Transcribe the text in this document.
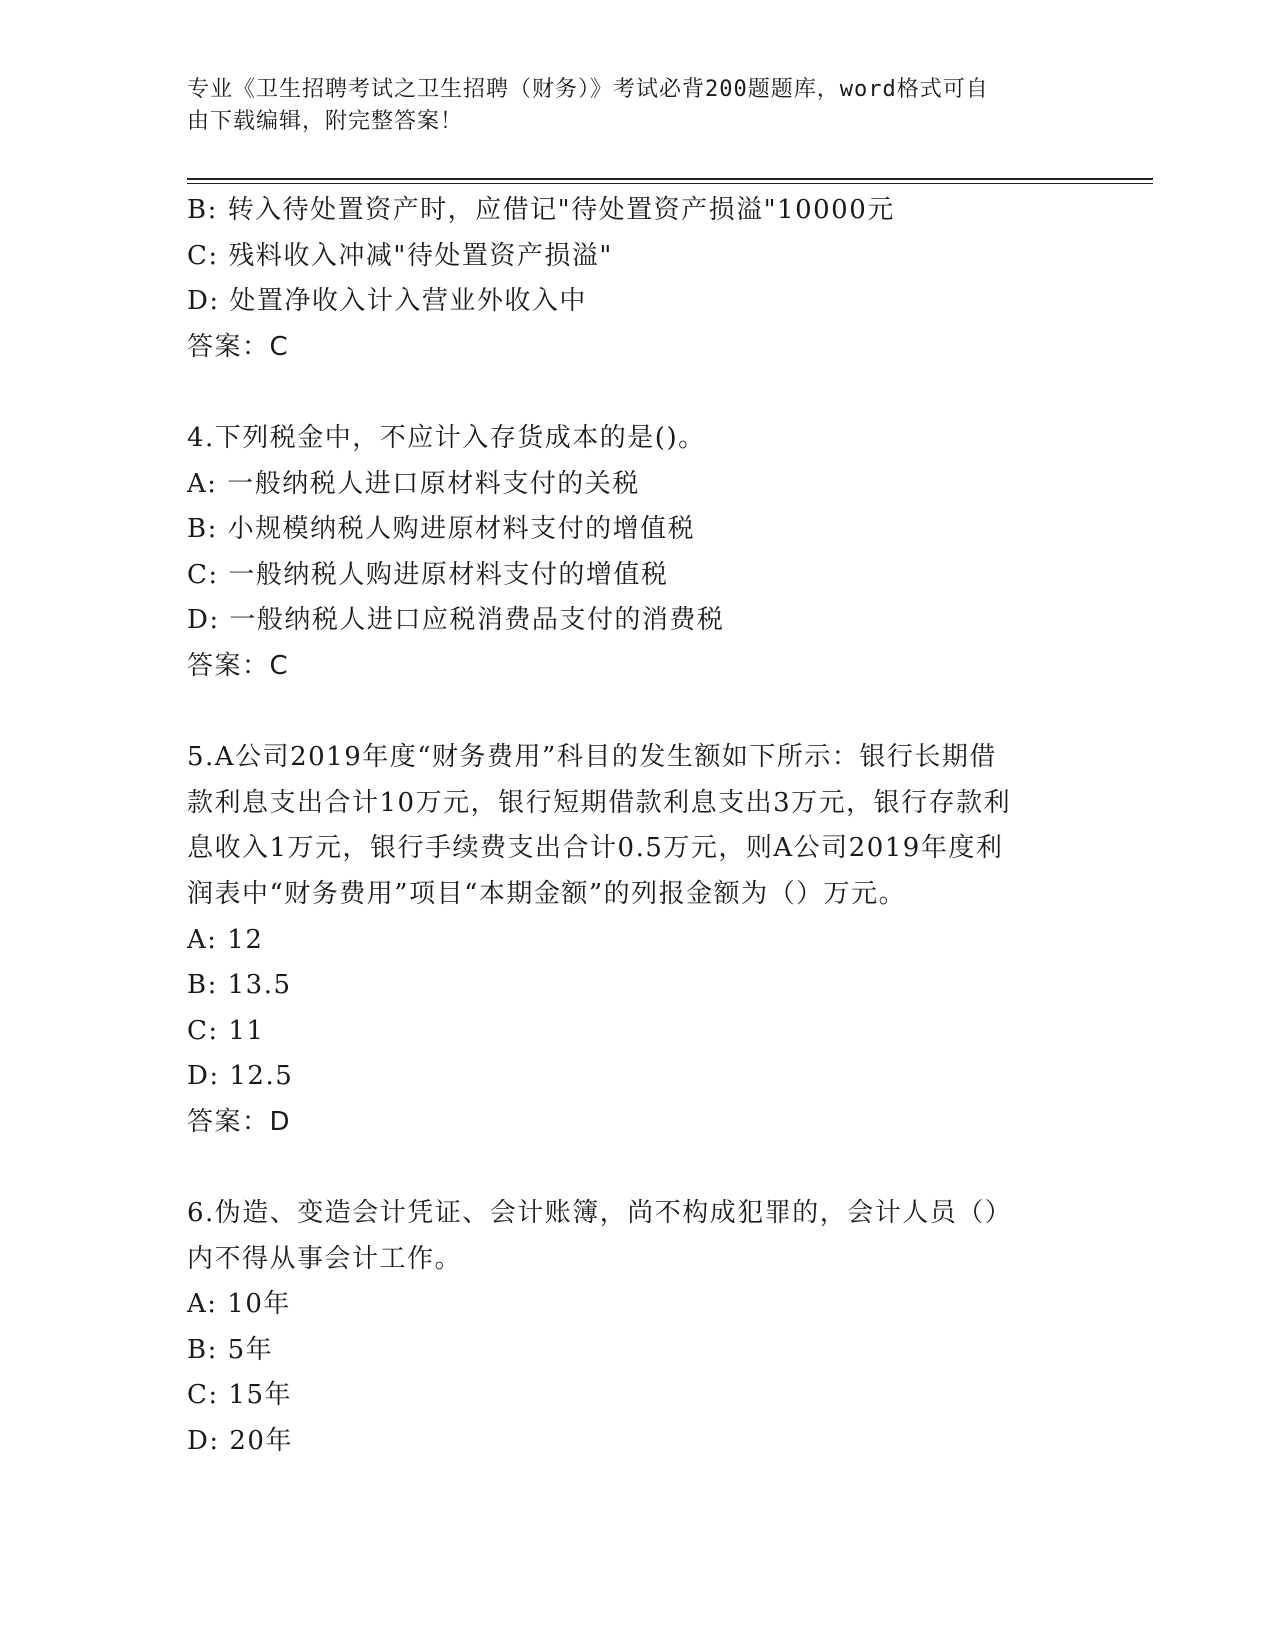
专业《卫生招聘考试之卫生招聘（财务）》考试必背200题题库，word格式可自
由下载编辑，附完整答案！
B: 转入待处置资产时，应借记"待处置资产损溢"10000元
C: 残料收入冲减"待处置资产损溢"
D: 处置净收入计入营业外收入中
答案：C
4.下列税金中，不应计入存货成本的是()。
A: 一般纳税人进口原材料支付的关税
B: 小规模纳税人购进原材料支付的增值税
C: 一般纳税人购进原材料支付的增值税
D: 一般纳税人进口应税消费品支付的消费税
答案：C
5.A公司2019年度“财务费用”科目的发生额如下所示：银行长期借
款利息支出合计10万元，银行短期借款利息支出3万元，银行存款利
息收入1万元，银行手续费支出合计0.5万元，则A公司2019年度利
润表中“财务费用”项目“本期金额”的列报金额为（）万元。
A: 12
B: 13.5
C: 11
D: 12.5
答案：D
6.伪造、变造会计凭证、会计账簿，尚不构成犯罪的，会计人员（）
内不得从事会计工作。
A: 10年
B: 5年
C: 15年
D: 20年
